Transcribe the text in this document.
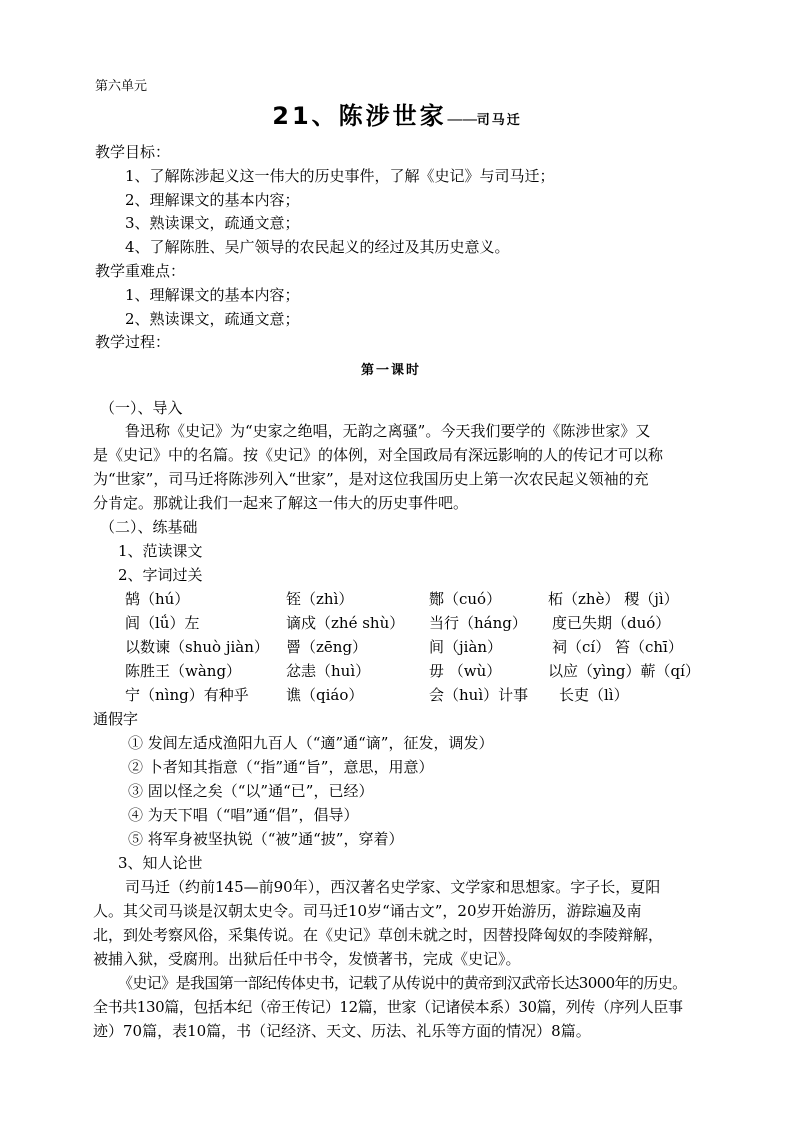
第六单元
21、陈涉世家——司马迁
教学目标：
1、了解陈涉起义这一伟大的历史事件，了解《史记》与司马迁；
2、理解课文的基本内容；
3、熟读课文，疏通文意；
4、了解陈胜、吴广领导的农民起义的经过及其历史意义。
教学重难点：
1、理解课文的基本内容；
2、熟读课文，疏通文意；
教学过程：
第一课时
（一）、导入
鲁迅称《史记》为“史家之绝唱，无韵之离骚”。今天我们要学的《陈涉世家》又
是《史记》中的名篇。按《史记》的体例，对全国政局有深远影响的人的传记才可以称
为“世家”，司马迁将陈涉列入“世家”，是对这位我国历史上第一次农民起义领袖的充
分肯定。那就让我们一起来了解这一伟大的历史事件吧。
（二）、练基础
1、范读课文
2、字词过关
鹄（hú）	铚（zhì）	酂（cuó）	柘（zhè） 稷（jì）
闾（lǘ）左	谪戍（zhé shù） 当行（háng） 度已失期（duó）
以数谏（shuò jiàn） 罾（zēng）	间（jiàn）	祠（cí） 笞（chī）
陈胜王（wàng）	忿恚（huì）	毋 （wù）	以应（yìng）蕲（qí）
宁（nìng）有种乎 谯（qiáo）	会（huì）计事 长吏（lì）
通假字
① 发闾左适戍渔阳九百人（“適”通“谪”，征发，调发）
② 卜者知其指意（“指”通“旨”，意思，用意）
③ 固以怪之矣（“以”通“已”，已经）
④ 为天下唱（“唱”通“倡”，倡导）
⑤ 将军身被坚执锐（“被”通“披”，穿着）
3、知人论世
司马迁（约前145—前90年），西汉著名史学家、文学家和思想家。字子长，夏阳
人。其父司马谈是汉朝太史令。司马迁10岁“诵古文”，20岁开始游历，游踪遍及南
北，到处考察风俗，采集传说。在《史记》草创未就之时，因替投降匈奴的李陵辩解，
被捕入狱，受腐刑。出狱后任中书令，发愤著书，完成《史记》。
《史记》是我国第一部纪传体史书，记载了从传说中的黄帝到汉武帝长达3000年的历史。
全书共130篇，包括本纪（帝王传记）12篇，世家（记诸侯本系）30篇，列传（序列人臣事
迹）70篇，表10篇，书（记经济、天文、历法、礼乐等方面的情况）8篇。
